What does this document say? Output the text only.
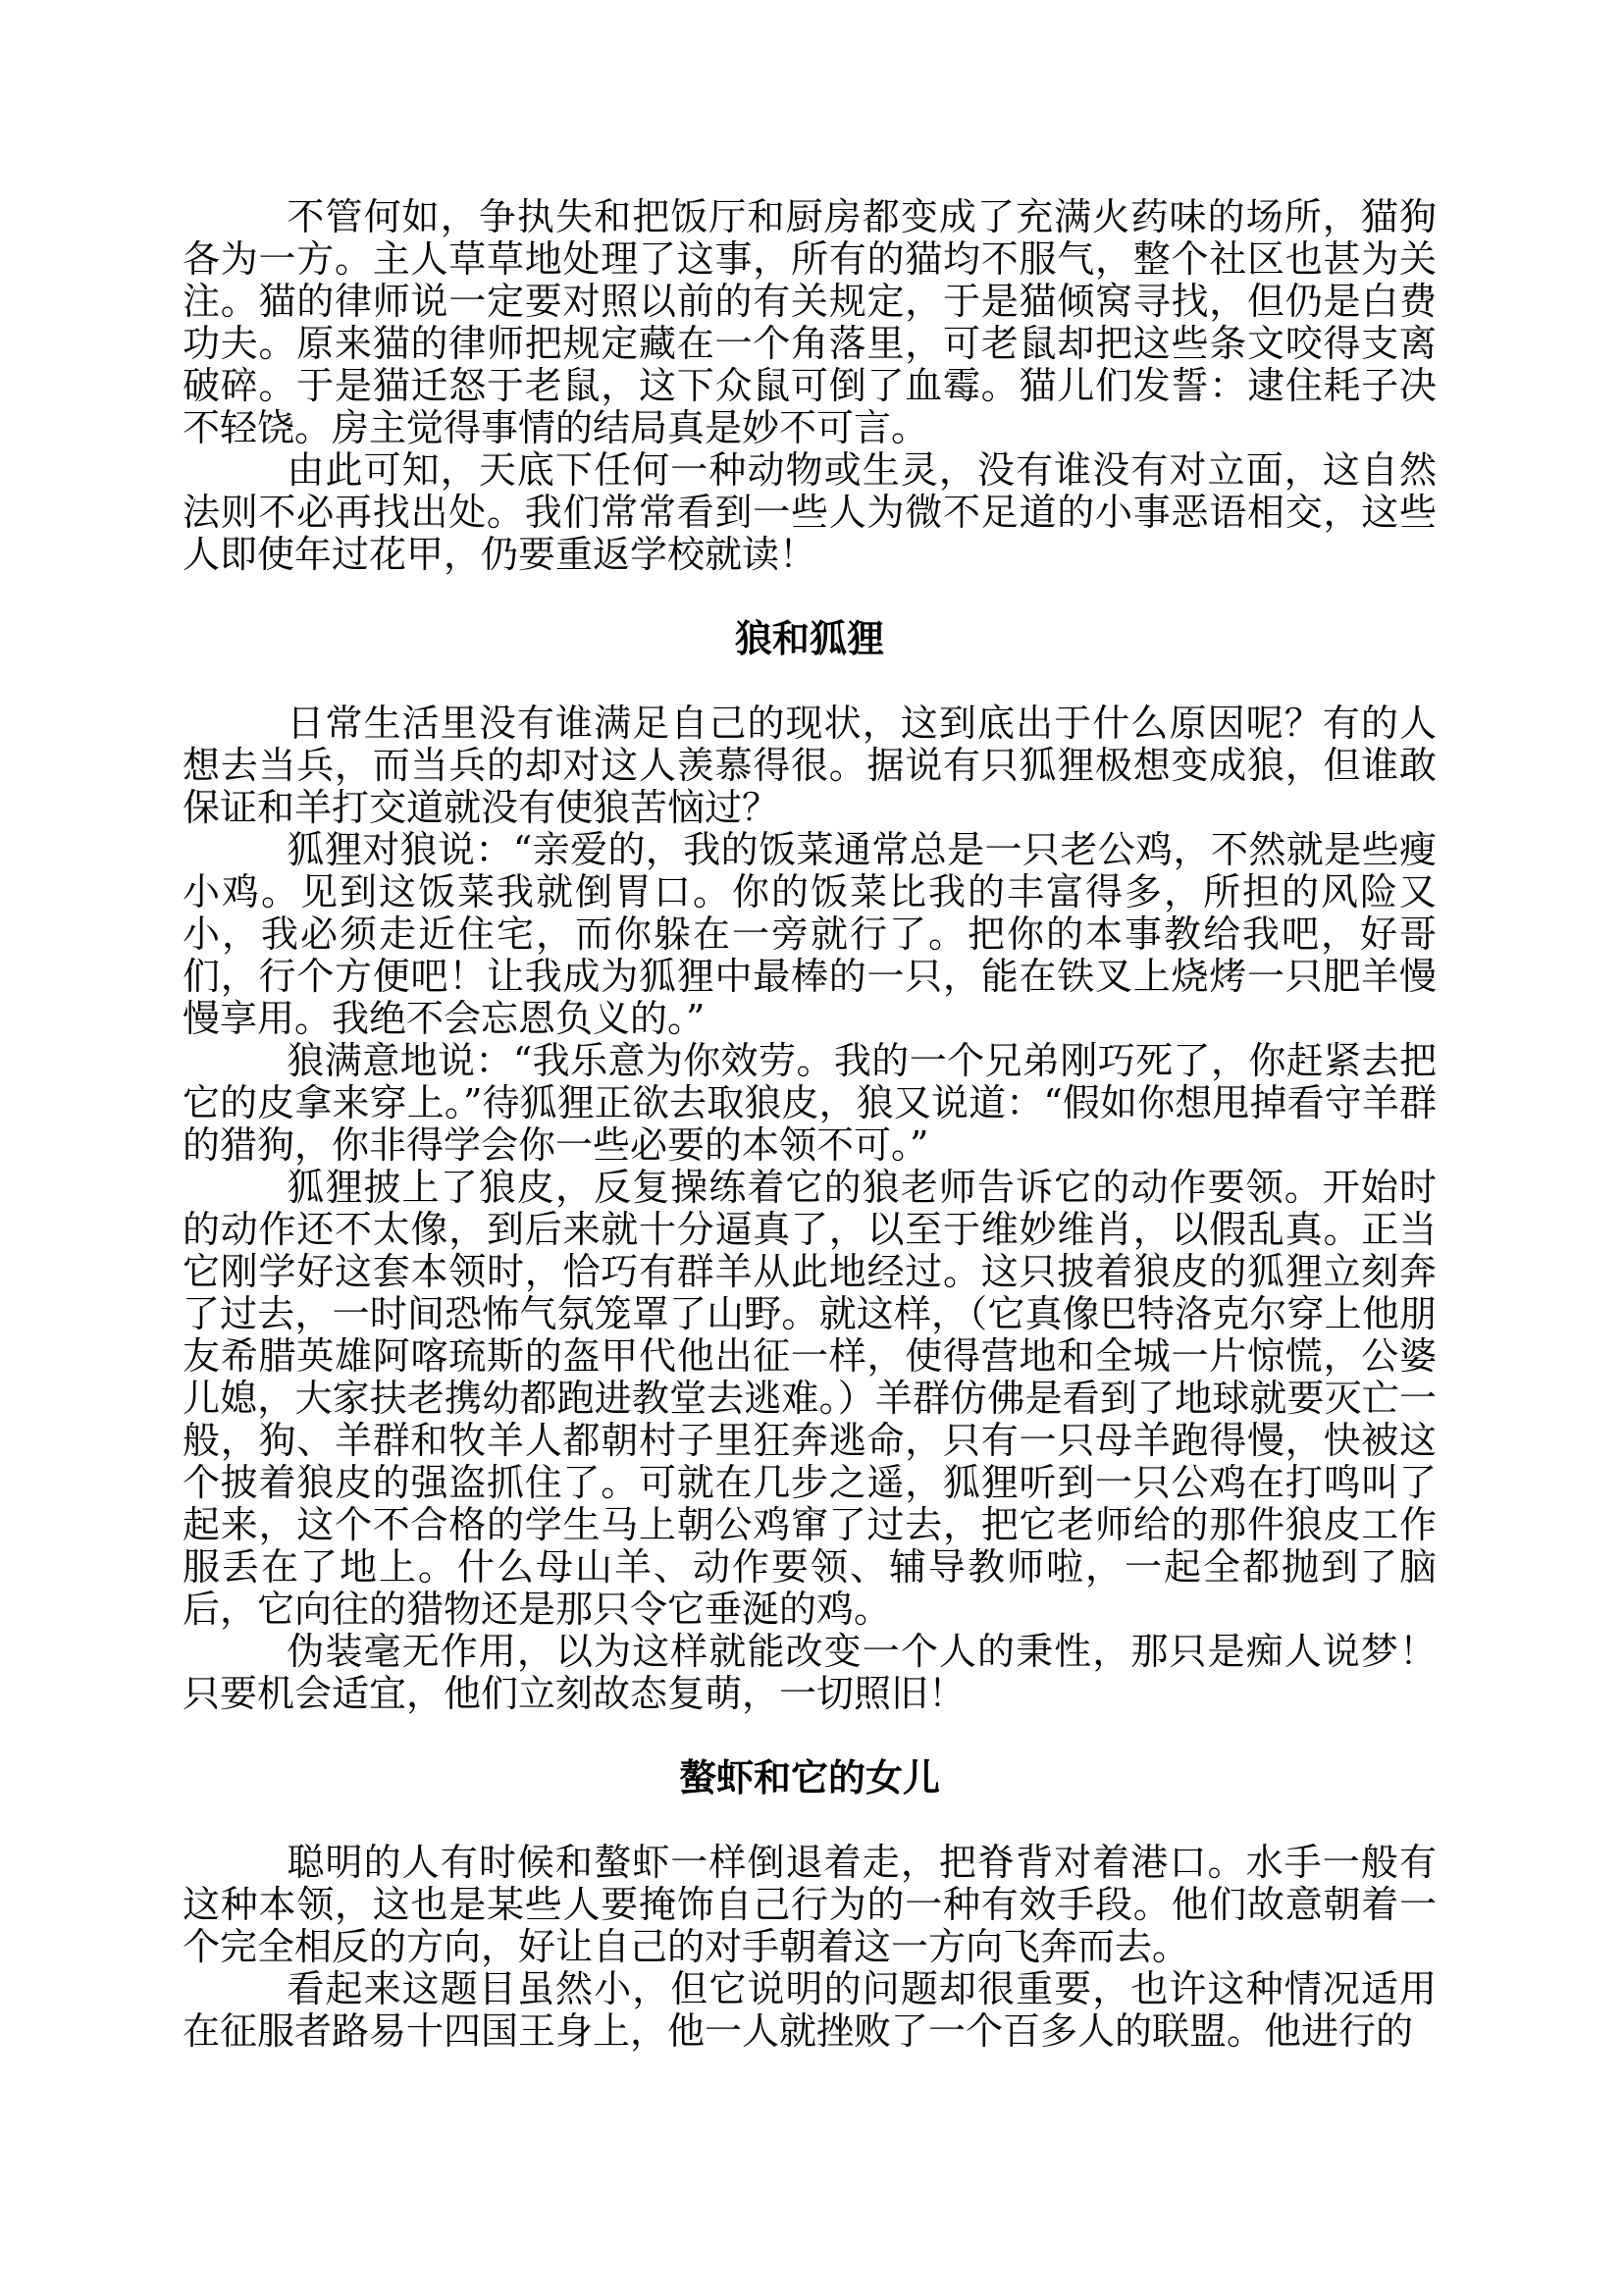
不管何如，争执失和把饭厅和厨房都变成了充满火药味的场所，猫狗各为一方。主人草草地处理了这事，所有的猫均不服气，整个社区也甚为关注。猫的律师说一定要对照以前的有关规定，于是猫倾窝寻找，但仍是白费功夫。原来猫的律师把规定藏在一个角落里，可老鼠却把这些条文咬得支离破碎。于是猫迁怒于老鼠，这下众鼠可倒了血霉。猫儿们发誓：逮住耗子决不轻饶。房主觉得事情的结局真是妙不可言。

由此可知，天底下任何一种动物或生灵，没有谁没有对立面，这自然法则不必再找出处。我们常常看到一些人为微不足道的小事恶语相交，这些人即使年过花甲，仍要重返学校就读！

狼和狐狸

日常生活里没有谁满足自己的现状，这到底出于什么原因呢？有的人想去当兵，而当兵的却对这人羡慕得很。据说有只狐狸极想变成狼，但谁敢保证和羊打交道就没有使狼苦恼过？

狐狸对狼说：“亲爱的，我的饭菜通常总是一只老公鸡，不然就是些瘦小鸡。见到这饭菜我就倒胃口。你的饭菜比我的丰富得多，所担的风险又小，我必须走近住宅，而你躲在一旁就行了。把你的本事教给我吧，好哥们，行个方便吧！让我成为狐狸中最棒的一只，能在铁叉上烧烤一只肥羊慢慢享用。我绝不会忘恩负义的。”

狼满意地说：“我乐意为你效劳。我的一个兄弟刚巧死了，你赶紧去把它的皮拿来穿上。”待狐狸正欲去取狼皮，狼又说道：“假如你想甩掉看守羊群的猎狗，你非得学会你一些必要的本领不可。”

狐狸披上了狼皮，反复操练着它的狼老师告诉它的动作要领。开始时的动作还不太像，到后来就十分逼真了，以至于维妙维肖，以假乱真。正当它刚学好这套本领时，恰巧有群羊从此地经过。这只披着狼皮的狐狸立刻奔了过去，一时间恐怖气氛笼罩了山野。就这样，（它真像巴特洛克尔穿上他朋友希腊英雄阿喀琉斯的盔甲代他出征一样，使得营地和全城一片惊慌，公婆儿媳，大家扶老携幼都跑进教堂去逃难。）羊群仿佛是看到了地球就要灭亡一般，狗、羊群和牧羊人都朝村子里狂奔逃命，只有一只母羊跑得慢，快被这个披着狼皮的强盗抓住了。可就在几步之遥，狐狸听到一只公鸡在打鸣叫了起来，这个不合格的学生马上朝公鸡窜了过去，把它老师给的那件狼皮工作服丢在了地上。什么母山羊、动作要领、辅导教师啦，一起全都抛到了脑后，它向往的猎物还是那只令它垂涎的鸡。

伪装毫无作用，以为这样就能改变一个人的秉性，那只是痴人说梦！只要机会适宜，他们立刻故态复萌，一切照旧！

螯虾和它的女儿

聪明的人有时候和螯虾一样倒退着走，把脊背对着港口。水手一般有这种本领，这也是某些人要掩饰自己行为的一种有效手段。他们故意朝着一个完全相反的方向，好让自己的对手朝着这一方向飞奔而去。

看起来这题目虽然小，但它说明的问题却很重要，也许这种情况适用在征服者路易十四国王身上，他一人就挫败了一个百多人的联盟。他进行的
